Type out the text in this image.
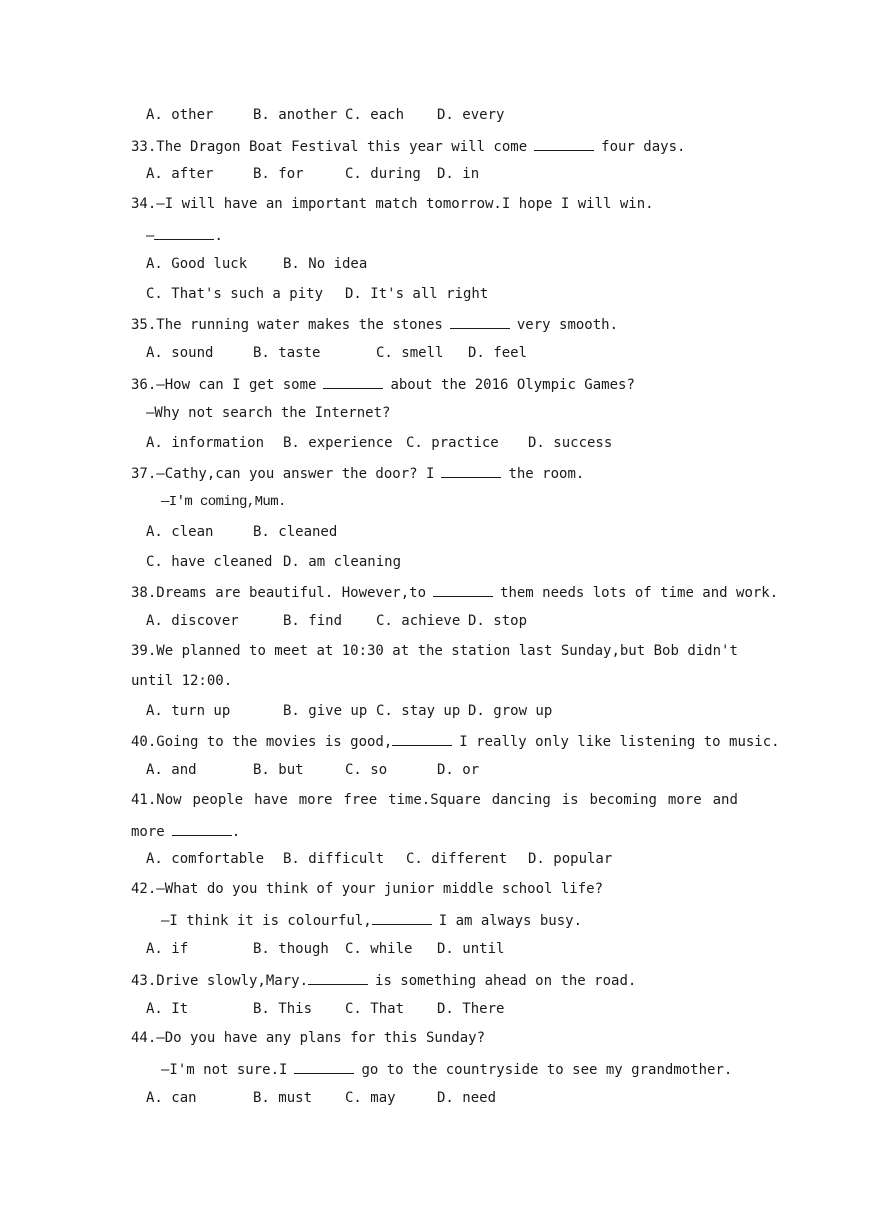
A. other

	B. another

C. each

D. every

33.The Dragon Boat Festival this year will come	four days.

A. after

	B. for

	C. during

D. in

34.—I will have an important match tomorrow.I hope I will win.
—	.

A. Good luck

	B. No idea

C. That's such a pity

D. It's all right

35.The running water makes the stones	very smooth.

A. sound

	B. taste

	C. smell

D. feel

36.—How can I get some	about the 2016 Olympic Games?
—Why not search the Internet?

A. information

B. experience

C. practice

D. success

37.—Cathy,can you answer the door? I	the room.
—I'm coming,Mum.

A. clean

	B. cleaned

C. have cleaned

D. am cleaning

38.Dreams are beautiful. However,to	them needs lots of time and work.

A. discover

	B. find

C. achieve

D. stop

39.We planned to meet at 10:30 at the station last Sunday,but Bob didn't
until 12:00.

A. turn up

	B. give up

C. stay up

D. grow up

40.Going to the movies is good,	I really only like listening to music.

A. and

	B. but

	C. so

	D. or

41.Now people have more free time.Square dancing is becoming more and
more	.

A. comfortable

B. difficult

C. different

D. popular

42.—What do you think of your junior middle school life?
—I think it is colourful,	I am always busy.

A. if

	B. though

C. while

D. until

43.Drive slowly,Mary.	is something ahead on the road.

A. It

	B. This

C. That

D. There

44.—Do you have any plans for this Sunday?
—I'm not sure.I	go to the countryside to see my grandmother.

A. can

	B. must

C. may

	D. need
